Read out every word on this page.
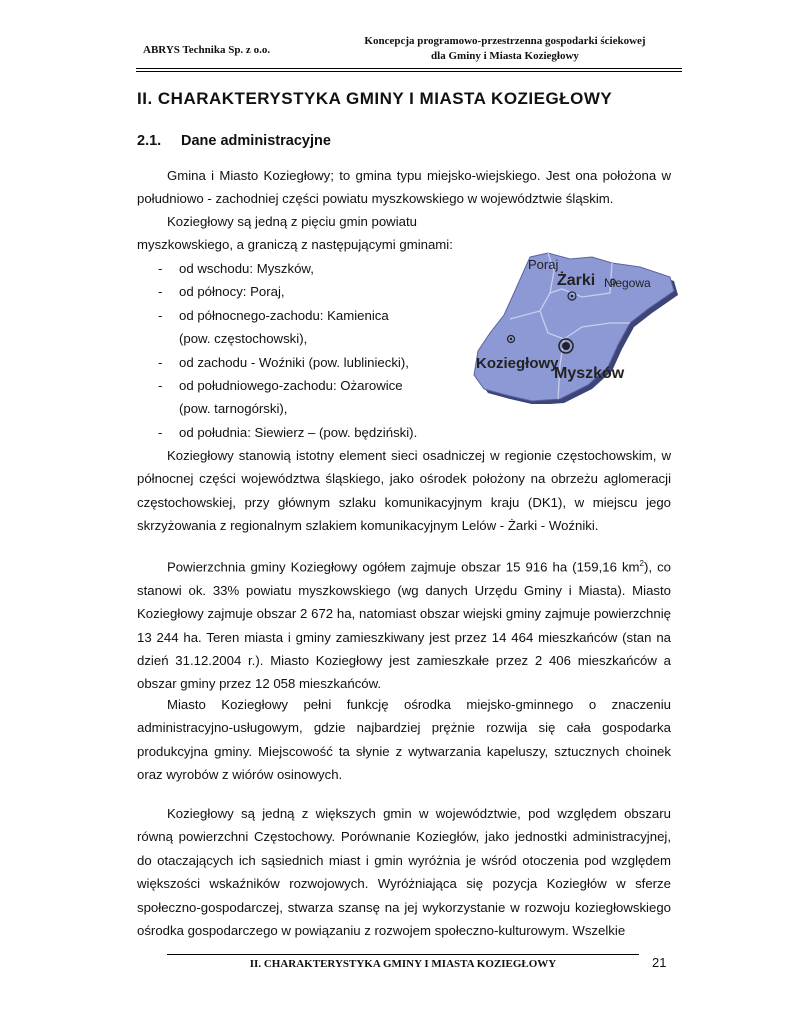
ABRYS Technika Sp. z o.o.
Koncepcja programowo-przestrzenna gospodarki ściekowej
dla Gminy i Miasta Koziegłowy
II. CHARAKTERYSTYKA GMINY I MIASTA KOZIEGŁOWY
2.1. Dane administracyjne
Gmina i Miasto Koziegłowy; to gmina typu miejsko-wiejskiego. Jest ona położona w południowo - zachodniej części powiatu myszkowskiego w województwie śląskim.
Koziegłowy są jedną z pięciu gmin powiatu myszkowskiego, a graniczą z następującymi gminami:
- od wschodu: Myszków,
- od północy: Poraj,
- od północnego-zachodu: Kamienica
(pow. częstochowski),
- od zachodu - Woźniki (pow. lubliniecki),
- od południowego-zachodu: Ożarowice
(pow. tarnogórski),
- od południa: Siewierz – (pow. będziński).
Poraj
Żarki Niegowa
Koziegłowy
Myszków
Koziegłowy stanowią istotny element sieci osadniczej w regionie częstochowskim, w północnej części województwa śląskiego, jako ośrodek położony na obrzeżu aglomeracji częstochowskiej, przy głównym szlaku komunikacyjnym kraju (DK1), w miejscu jego skrzyżowania z regionalnym szlakiem komunikacyjnym Lelów - Żarki - Woźniki.
Powierzchnia gminy Koziegłowy ogółem zajmuje obszar 15 916 ha (159,16 $km^2$), co stanowi ok. 33% powiatu myszkowskiego (wg danych Urzędu Gminy i Miasta). Miasto Koziegłowy zajmuje obszar 2 672 ha, natomiast obszar wiejski gminy zajmuje powierzchnię 13 244 ha. Teren miasta i gminy zamieszkiwany jest przez 14 464 mieszkańców (stan na dzień 31.12.2004 r.). Miasto Koziegłowy jest zamieszkałe przez 2 406 mieszkańców a obszar gminy przez 12 058 mieszkańców.
Miasto Koziegłowy pełni funkcję ośrodka miejsko-gminnego o znaczeniu administracyjno-usługowym, gdzie najbardziej prężnie rozwija się cała gospodarka produkcyjna gminy. Miejscowość ta słynie z wytwarzania kapeluszy, sztucznych choinek oraz wyrobów z wiórów osinowych.
Koziegłowy są jedną z większych gmin w województwie, pod względem obszaru równą powierzchni Częstochowy. Porównanie Koziegłów, jako jednostki administracyjnej, do otaczających ich sąsiednich miast i gmin wyróżnia je wśród otoczenia pod względem większości wskaźników rozwojowych. Wyróżniająca się pozycja Koziegłów w sferze społeczno-gospodarczej, stwarza szansę na jej wykorzystanie w rozwoju koziegłowskiego ośrodka gospodarczego w powiązaniu z rozwojem społeczno-kulturowym. Wszelkie
II. CHARAKTERYSTYKA GMINY I MIASTA KOZIEGŁOWY	21
